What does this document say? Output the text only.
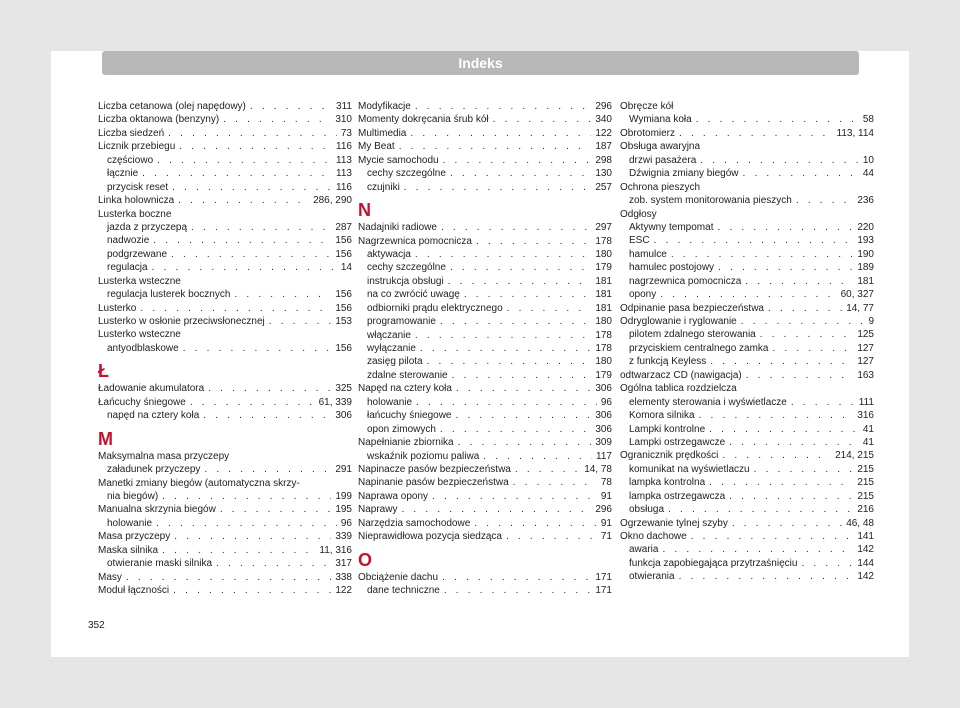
Indeks
Liczba cetanowa (olej napędowy) . . .	311
Liczba oktanowa (benzyny) . . .	310
Liczba siedzeń . . .	73
Licznik przebiegu . . .	116
częściowo . . .	113
łącznie . . .	113
przycisk reset . . .	116
Linka holownicza . . .	286, 290
Lusterka boczne
jazda z przyczepą . . .	287
nadwozie . . .	156
podgrzewane . . .	156
regulacja . . .	14
Lusterka wsteczne
regulacja lusterek bocznych . . .	156
Lusterko . . .	156
Lusterko w osłonie przeciwsłonecznej . . .	153
Lusterko wsteczne
antyodblaskowe . . .	156
Ł
Ładowanie akumulatora . . .	325
Łańcuchy śniegowe . . .	61, 339
napęd na cztery koła . . .	306
M
Maksymalna masa przyczepy
załadunek przyczepy . . .	291
Manetki zmiany biegów (automatyczna skrzy-
nia biegów) . . .	199
Manualna skrzynia biegów . . .	195
holowanie . . .	96
Masa przyczepy . . .	339
Maska silnika . . .	11, 316
otwieranie maski silnika . . .	317
Masy . . .	338
Moduł łączności . . .	122
Modyfikacje . . .	296
Momenty dokręcania śrub kół . . .	340
Multimedia . . .	122
My Beat . . .	187
Mycie samochodu . . .	298
cechy szczególne . . .	130
czujniki . . .	257
N
Nadajniki radiowe . . .	297
Nagrzewnica pomocnicza . . .	178
aktywacja . . .	180
cechy szczególne . . .	179
instrukcja obsługi . . .	181
na co zwrócić uwagę . . .	181
odbiorniki prądu elektrycznego . . .	181
programowanie . . .	180
włączanie . . .	178
wyłączanie . . .	178
zasięg pilota . . .	180
zdalne sterowanie . . .	179
Napęd na cztery koła . . .	306
holowanie . . .	96
łańcuchy śniegowe . . .	306
opon zimowych . . .	306
Napełnianie zbiornika . . .	309
wskaźnik poziomu paliwa . . .	117
Napinacze pasów bezpieczeństwa . . .	14, 78
Napinanie pasów bezpieczeństwa . . .	78
Naprawa opony . . .	91
Naprawy . . .	296
Narzędzia samochodowe . . .	91
Nieprawidłowa pozycja siedząca . . .	71
O
Obciążenie dachu . . .	171
dane techniczne . . .	171
Obręcze kół
Wymiana koła . . .	58
Obrotomierz . . .	113, 114
Obsługa awaryjna
drzwi pasażera . . .	10
Dźwignia zmiany biegów . . .	44
Ochrona pieszych
zob. system monitorowania pieszych . . .	236
Odgłosy
Aktywny tempomat . . .	220
ESC . . .	193
hamulce . . .	190
hamulec postojowy . . .	189
nagrzewnica pomocnicza . . .	181
opony . . .	60, 327
Odpinanie pasa bezpieczeństwa . . .	14, 77
Odryglowanie i ryglowanie . . .	9
pilotem zdalnego sterowania . . .	125
przyciskiem centralnego zamka . . .	127
z funkcją Keyless . . .	127
odtwarzacz CD (nawigacja) . . .	163
Ogólna tablica rozdzielcza
elementy sterowania i wyświetlacze . . .	111
Komora silnika . . .	316
Lampki kontrolne . . .	41
Lampki ostrzegawcze . . .	41
Ogranicznik prędkości . . .	214, 215
komunikat na wyświetlaczu . . .	215
lampka kontrolna . . .	215
lampka ostrzegawcza . . .	215
obsługa . . .	216
Ogrzewanie tylnej szyby . . .	46, 48
Okno dachowe . . .	141
awaria . . .	142
funkcja zapobiegająca przytrzaśnięciu . . .	144
otwierania . . .	142
352
